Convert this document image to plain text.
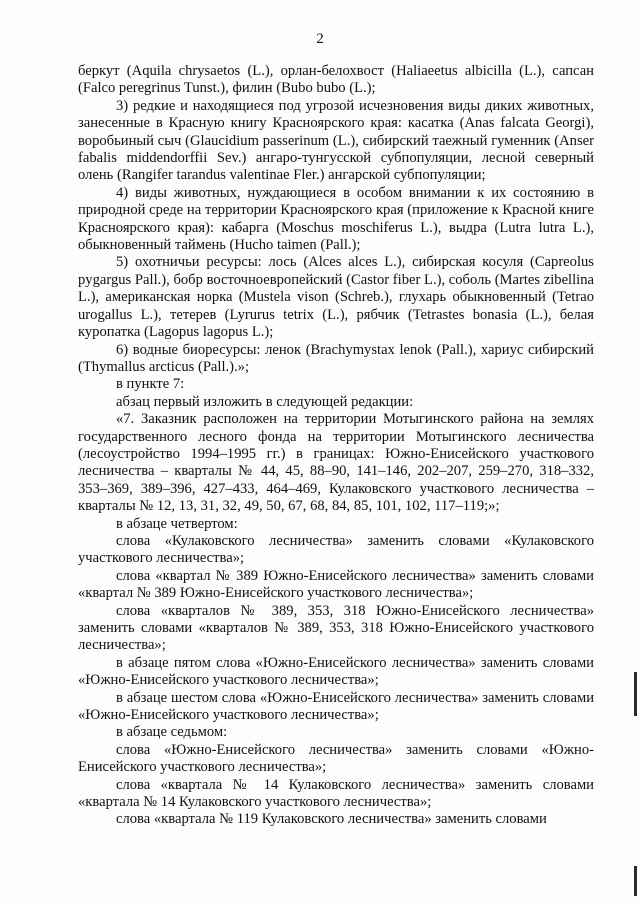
2

беркут (Aquila chrysaetos (L.), орлан-белохвост (Haliaeetus albicilla (L.), сапсан (Falco peregrinus Tunst.), филин (Bubo bubo (L.);

3) редкие и находящиеся под угрозой исчезновения виды диких животных, занесенные в Красную книгу Красноярского края: касатка (Anas falcata Georgi), воробьиный сыч (Glaucidium passerinum (L.), сибирский таежный гуменник (Anser fabalis middendorffii Sev.) ангаро-тунгусской субпопуляции, лесной северный олень (Rangifer tarandus valentinae Fler.) ангарской субпопуляции;

4) виды животных, нуждающиеся в особом внимании к их состоянию в природной среде на территории Красноярского края (приложение к Красной книге Красноярского края): кабарга (Moschus moschiferus L.), выдра (Lutra lutra L.), обыкновенный таймень (Hucho taimen (Pall.);

5) охотничьи ресурсы: лось (Alces alces L.), сибирская косуля (Capreolus pygargus Pall.), бобр восточноевропейский (Castor fiber L.), соболь (Martes zibellina L.), американская норка (Mustela vison (Schreb.), глухарь обыкновенный (Tetrao urogallus L.), тетерев (Lyrurus tetrix (L.), рябчик (Tetrastes bonasia (L.), белая куропатка (Lagopus lagopus L.);

6) водные биоресурсы: ленок (Brachymystax lenok (Pall.), хариус сибирский (Thymallus arcticus (Pall.).»;

в пункте 7:

абзац первый изложить в следующей редакции:

«7. Заказник расположен на территории Мотыгинского района на землях государственного лесного фонда на территории Мотыгинского лесничества (лесоустройство 1994–1995 гг.) в границах: Южно-Енисейского участкового лесничества – кварталы № 44, 45, 88–90, 141–146, 202–207, 259–270, 318–332, 353–369, 389–396, 427–433, 464–469, Кулаковского участкового лесничества – кварталы № 12, 13, 31, 32, 49, 50, 67, 68, 84, 85, 101, 102, 117–119;»;

в абзаце четвертом:

слова «Кулаковского лесничества» заменить словами «Кулаковского участкового лесничества»;

слова «квартал № 389 Южно-Енисейского лесничества» заменить словами «квартал № 389 Южно-Енисейского участкового лесничества»;

слова «кварталов № 389, 353, 318 Южно-Енисейского лесничества» заменить словами «кварталов № 389, 353, 318 Южно-Енисейского участкового лесничества»;

в абзаце пятом слова «Южно-Енисейского лесничества» заменить словами «Южно-Енисейского участкового лесничества»;

в абзаце шестом слова «Южно-Енисейского лесничества» заменить словами «Южно-Енисейского участкового лесничества»;

в абзаце седьмом:

слова «Южно-Енисейского лесничества» заменить словами «Южно-Енисейского участкового лесничества»;

слова «квартала № 14 Кулаковского лесничества» заменить словами «квартала № 14 Кулаковского участкового лесничества»;

слова «квартала № 119 Кулаковского лесничества» заменить словами
